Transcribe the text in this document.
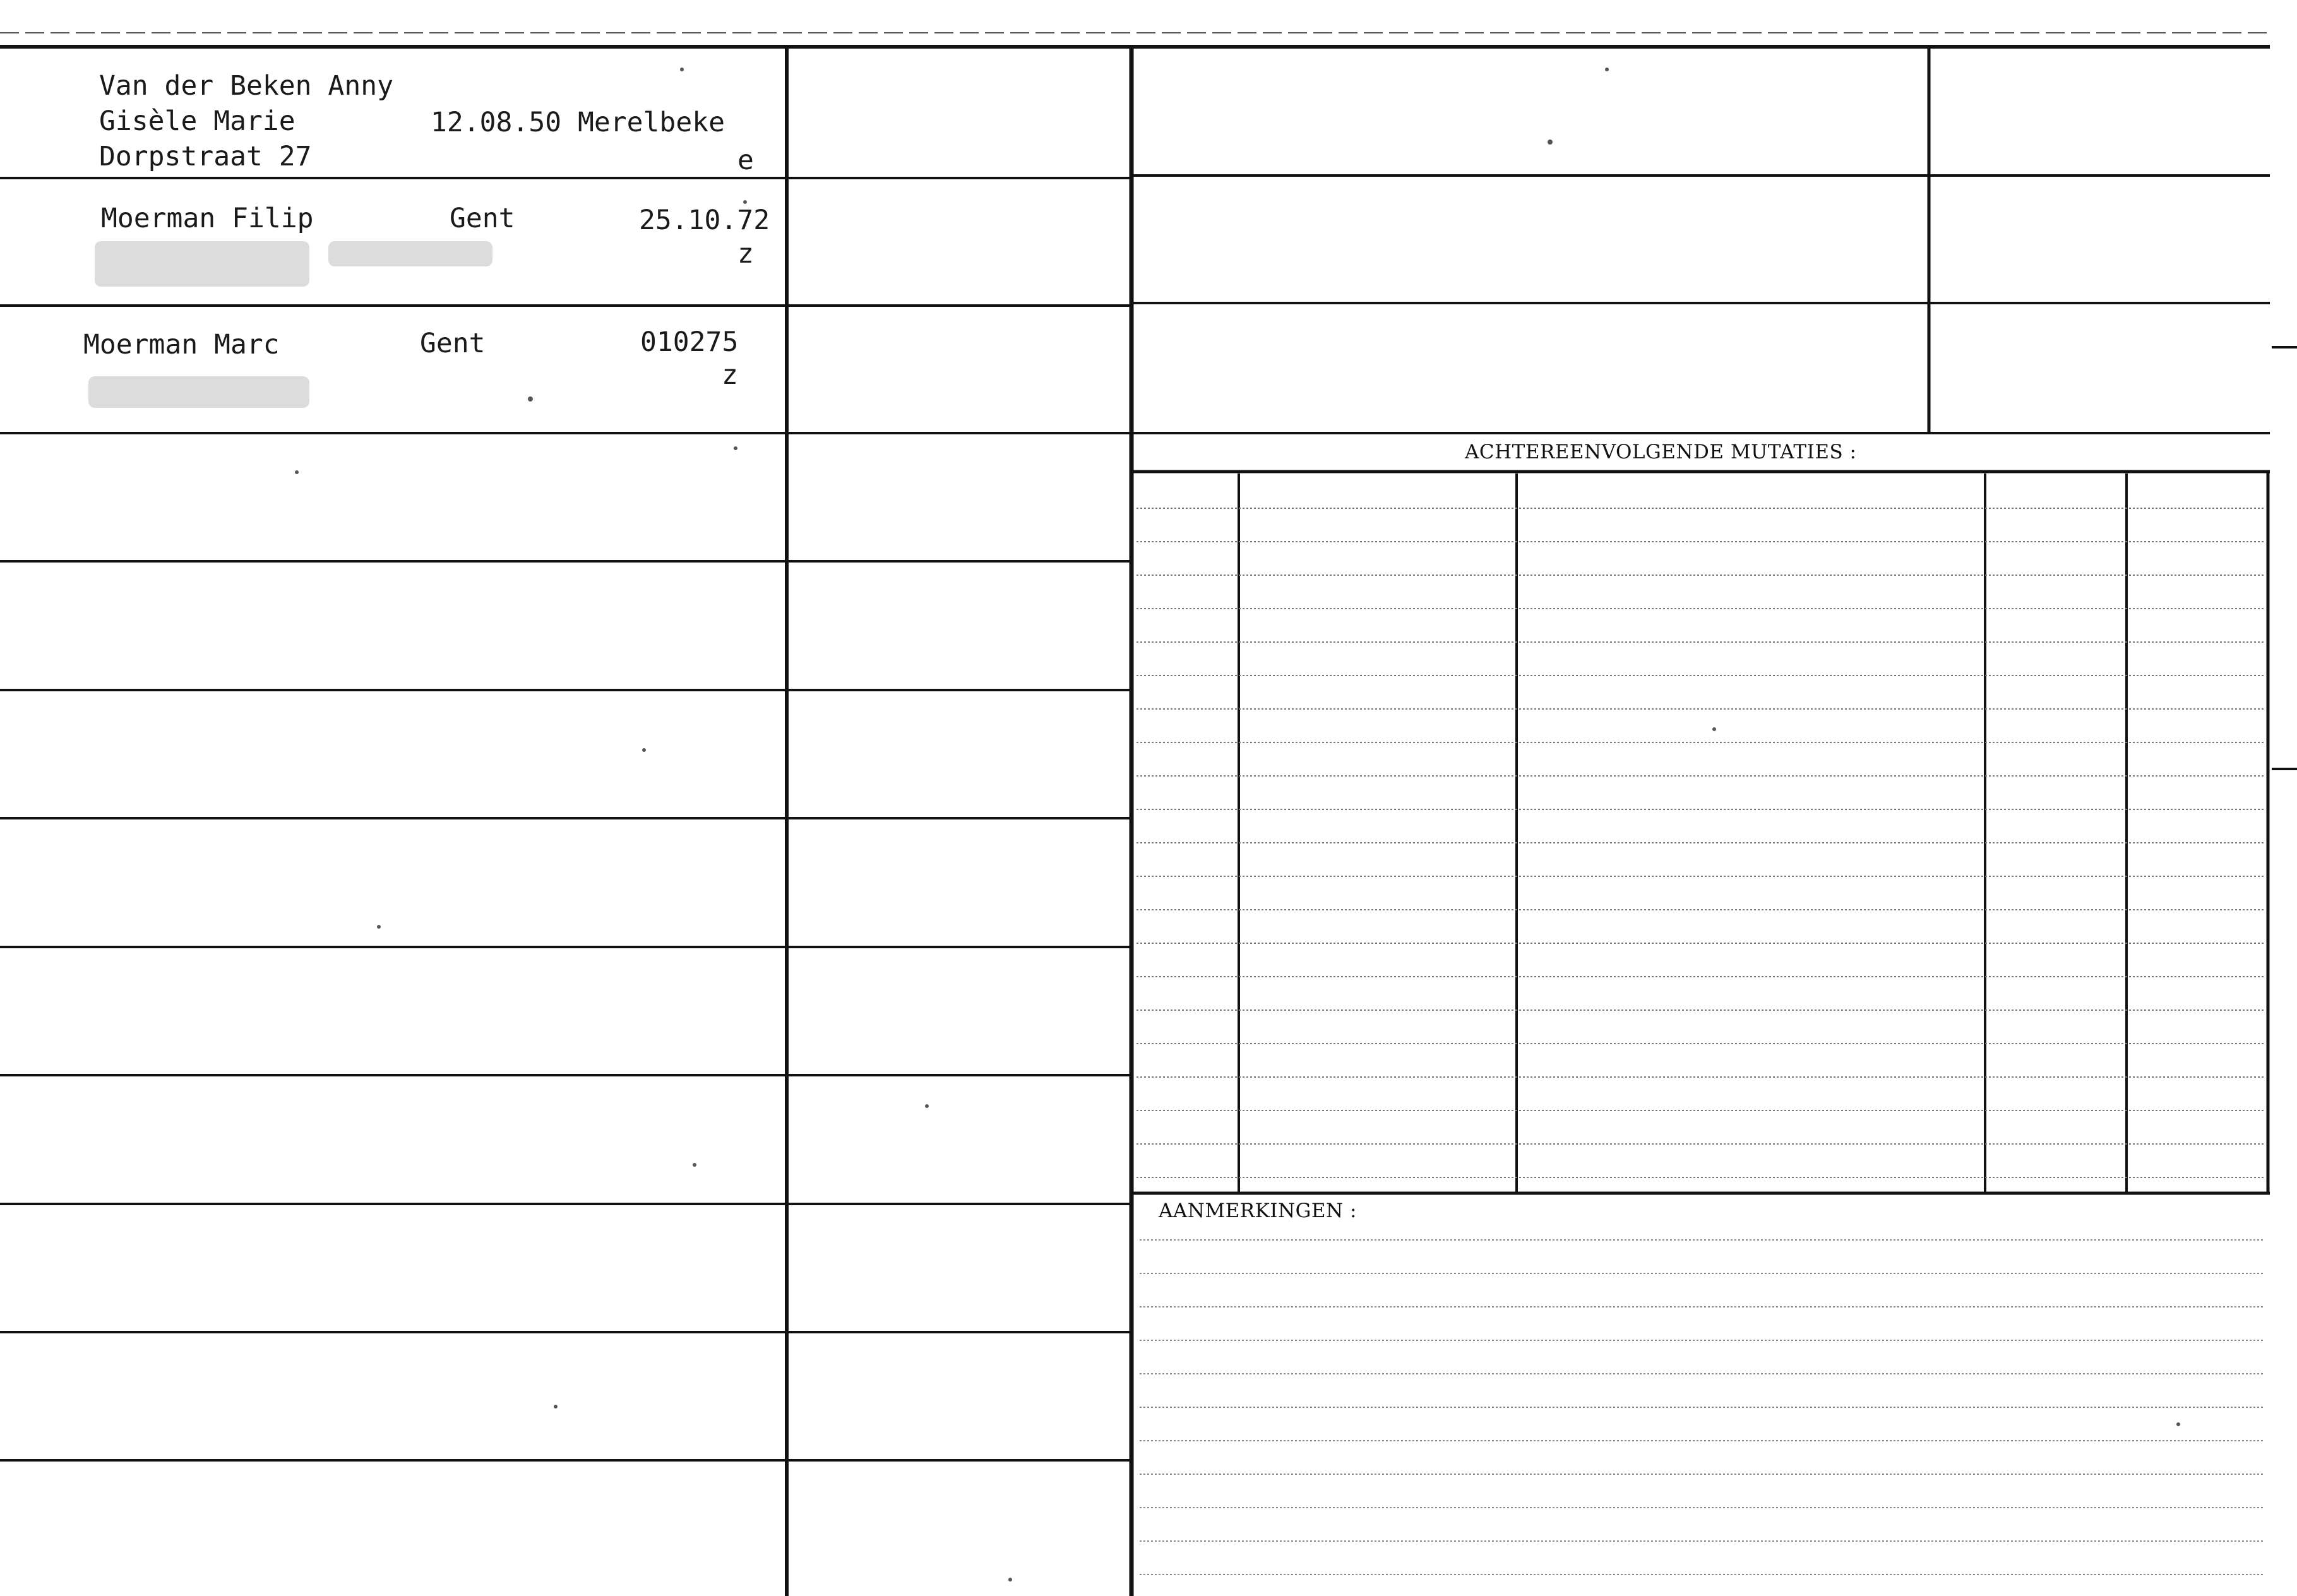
ACHTEREENVOLGENDE MUTATIES :
AANMERKINGEN :
Van der Beken Anny
Gisèle Marie	12.08.50 Merelbeke
Dorpstraat 27	e
Moerman Filip	Gent	25.10.72
z
Moerman Marc	Gent	010275
z
